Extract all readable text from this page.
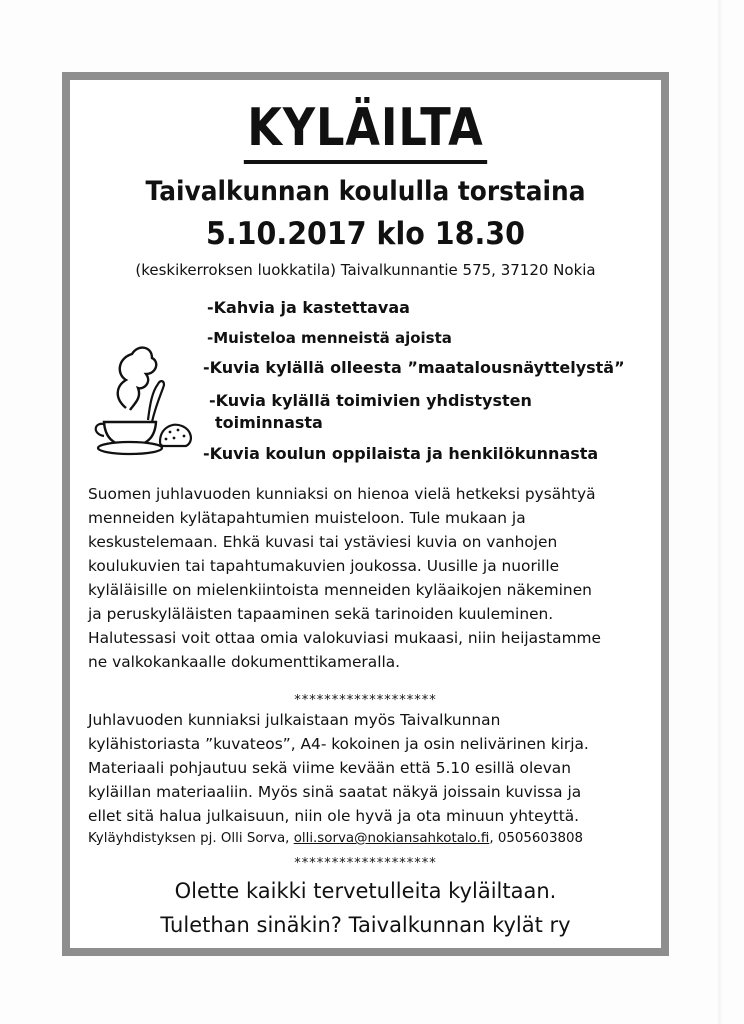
KYLÄILTA
Taivalkunnan koululla torstaina
5.10.2017 klo 18.30
(keskikerroksen luokkatila) Taivalkunnantie 575, 37120 Nokia
-Kahvia ja kastettavaa
-Muisteloa menneistä ajoista
-Kuvia kylällä olleesta ”maatalousnäyttelystä”
-Kuvia kylällä toimivien yhdistysten
toiminnasta
-Kuvia koulun oppilaista ja henkilökunnasta
Suomen juhlavuoden kunniaksi on hienoa vielä hetkeksi pysähtyä
menneiden kylätapahtumien muisteloon. Tule mukaan ja
keskustelemaan. Ehkä kuvasi tai ystäviesi kuvia on vanhojen
koulukuvien tai tapahtumakuvien joukossa. Uusille ja nuorille
kyläläisille on mielenkiintoista menneiden kyläaikojen näkeminen
ja peruskyläläisten tapaaminen sekä tarinoiden kuuleminen.
Halutessasi voit ottaa omia valokuviasi mukaasi, niin heijastamme
ne valkokankaalle dokumenttikameralla.
*******************
Juhlavuoden kunniaksi julkaistaan myös Taivalkunnan
kylähistoriasta ”kuvateos”, A4- kokoinen ja osin nelivärinen kirja.
Materiaali pohjautuu sekä viime kevään että 5.10 esillä olevan
kyläillan materiaaliin. Myös sinä saatat näkyä joissain kuvissa ja
ellet sitä halua julkaisuun, niin ole hyvä ja ota minuun yhteyttä.
Kyläyhdistyksen pj. Olli Sorva, olli.sorva@nokiansahkotalo.fi, 0505603808
*******************
Olette kaikki tervetulleita kyläiltaan.
Tulethan sinäkin? Taivalkunnan kylät ry
